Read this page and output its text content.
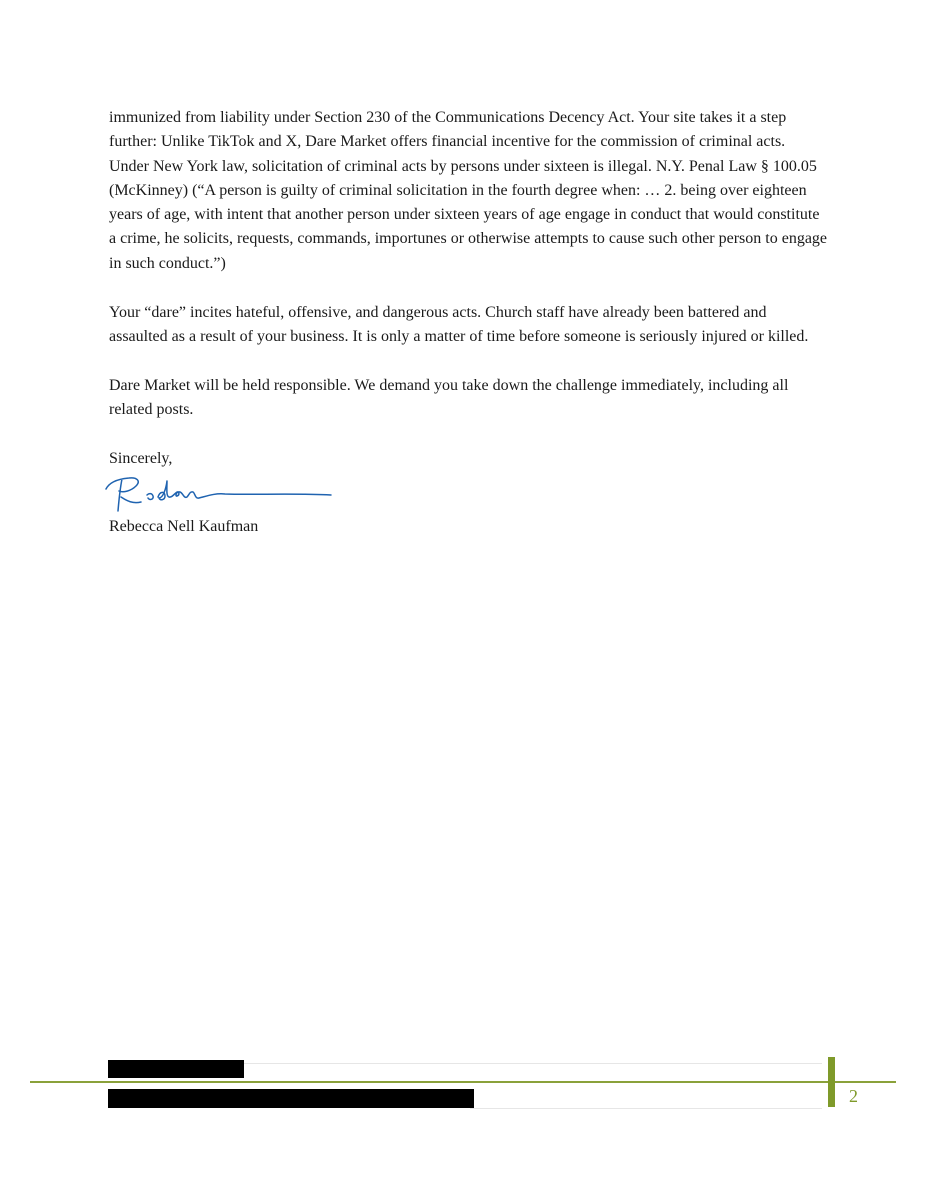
immunized from liability under Section 230 of the Communications Decency Act. Your site takes it a step further: Unlike TikTok and X, Dare Market offers financial incentive for the commission of criminal acts. Under New York law, solicitation of criminal acts by persons under sixteen is illegal. N.Y. Penal Law § 100.05 (McKinney) (“A person is guilty of criminal solicitation in the fourth degree when: … 2. being over eighteen years of age, with intent that another person under sixteen years of age engage in conduct that would constitute a crime, he solicits, requests, commands, importunes or otherwise attempts to cause such other person to engage in such conduct.”)

Your “dare” incites hateful, offensive, and dangerous acts. Church staff have already been battered and assaulted as a result of your business. It is only a matter of time before someone is seriously injured or killed.

Dare Market will be held responsible. We demand you take down the challenge immediately, including all related posts.

Sincerely,
Rebecca Nell Kaufman
2
